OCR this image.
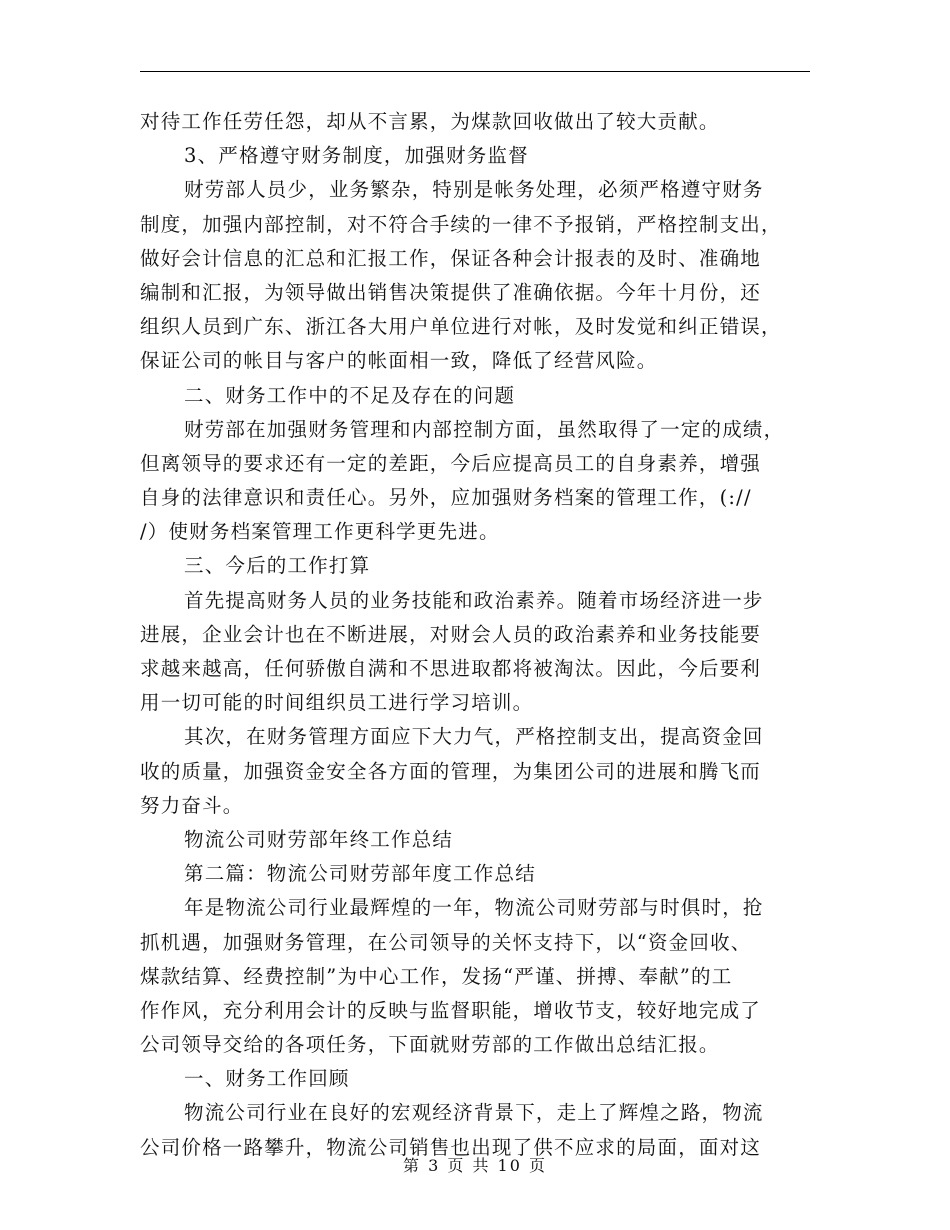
对待工作任劳任怨，却从不言累，为煤款回收做出了较大贡献。
3、严格遵守财务制度，加强财务监督
财劳部人员少，业务繁杂，特别是帐务处理，必须严格遵守财务
制度，加强内部控制，对不符合手续的一律不予报销，严格控制支出，
做好会计信息的汇总和汇报工作，保证各种会计报表的及时、准确地
编制和汇报，为领导做出销售决策提供了准确依据。今年十月份，还
组织人员到广东、浙江各大用户单位进行对帐，及时发觉和纠正错误，
保证公司的帐目与客户的帐面相一致，降低了经营风险。
二、财务工作中的不足及存在的问题
财劳部在加强财务管理和内部控制方面，虽然取得了一定的成绩，
但离领导的要求还有一定的差距，今后应提高员工的自身素养，增强
自身的法律意识和责任心。另外，应加强财务档案的管理工作，(://
/）使财务档案管理工作更科学更先进。
三、今后的工作打算
首先提高财务人员的业务技能和政治素养。随着市场经济进一步
进展，企业会计也在不断进展，对财会人员的政治素养和业务技能要
求越来越高，任何骄傲自满和不思进取都将被淘汰。因此，今后要利
用一切可能的时间组织员工进行学习培训。
其次，在财务管理方面应下大力气，严格控制支出，提高资金回
收的质量，加强资金安全各方面的管理，为集团公司的进展和腾飞而
努力奋斗。
物流公司财劳部年终工作总结
第二篇：物流公司财劳部年度工作总结
年是物流公司行业最辉煌的一年，物流公司财劳部与时俱时，抢
抓机遇，加强财务管理，在公司领导的关怀支持下，以“资金回收、
煤款结算、经费控制”为中心工作，发扬“严谨、拼搏、奉献”的工
作作风，充分利用会计的反映与监督职能，增收节支，较好地完成了
公司领导交给的各项任务，下面就财劳部的工作做出总结汇报。
一、财务工作回顾
物流公司行业在良好的宏观经济背景下，走上了辉煌之路，物流
公司价格一路攀升，物流公司销售也出现了供不应求的局面，面对这
第 3 页 共 10 页
